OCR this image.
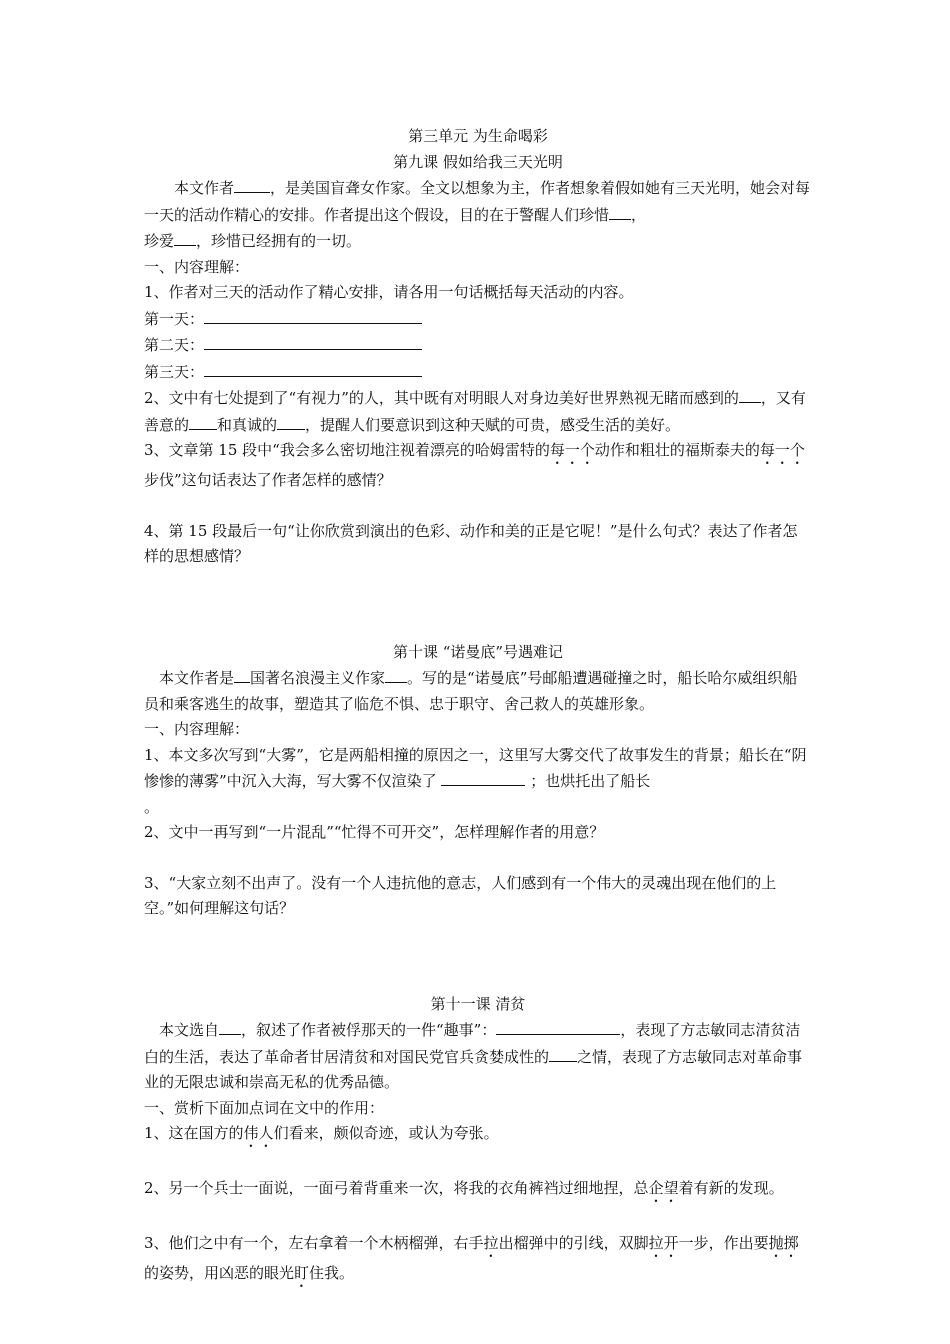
第三单元 为生命喝彩

第九课 假如给我三天光明

本文作者 ，是美国盲聋女作家。全文以想象为主，作者想象着假如她有三天光明，她会对每一天的活动作精心的安排。作者提出这个假设，目的在于警醒人们珍惜 ，
珍爱 ，珍惜已经拥有的一切。

一、内容理解：

1、作者对三天的活动作了精心安排，请各用一句话概括每天活动的内容。

第一天：

第二天：

第三天：

2、文中有七处提到了“有视力”的人，其中既有对明眼人对身边美好世界熟视无睹而感到的 ，又有善意的 和真诚的 ，提醒人们要意识到这种天赋的可贵，感受生活的美好。

3、文章第 15 段中“我会多么密切地注视着漂亮的哈姆雷特的每一个动作和粗壮的福斯泰夫的每一个步伐”这句话表达了作者怎样的感情？

4、第 15 段最后一句“让你欣赏到演出的色彩、动作和美的正是它呢！”是什么句式？表达了作者怎样的思想感情？

第十课 “诺曼底”号遇难记

本文作者是 国著名浪漫主义作家 。写的是“诺曼底”号邮船遭遇碰撞之时，船长哈尔威组织船员和乘客逃生的故事，塑造其了临危不惧、忠于职守、舍己救人的英雄形象。

一、内容理解：

1、本文多次写到“大雾”，它是两船相撞的原因之一，这里写大雾交代了故事发生的背景；船长在“阴惨惨的薄雾”中沉入大海，写大雾不仅渲染了	；也烘托出了船长
。

2、文中一再写到“一片混乱”“忙得不可开交”，怎样理解作者的用意？

3、“大家立刻不出声了。没有一个人违抗他的意志，人们感到有一个伟大的灵魂出现在他们的上空。”如何理解这句话？

第十一课 清贫

本文选自 ，叙述了作者被俘那天的一件“趣事”：	，表现了方志敏同志清贫洁白的生活，表达了革命者甘居清贫和对国民党官兵贪婪成性的 之情，表现了方志敏同志对革命事业的无限忠诚和崇高无私的优秀品德。

一、赏析下面加点词在文中的作用：

1、这在国方的伟人们看来，颇似奇迹，或认为夸张。

2、另一个兵士一面说，一面弓着背重来一次，将我的衣角裤裆过细地捏，总企望着有新的发现。

3、他们之中有一个，左右拿着一个木柄榴弹，右手拉出榴弹中的引线，双脚拉开一步，作出要抛掷的姿势，用凶恶的眼光盯住我。
